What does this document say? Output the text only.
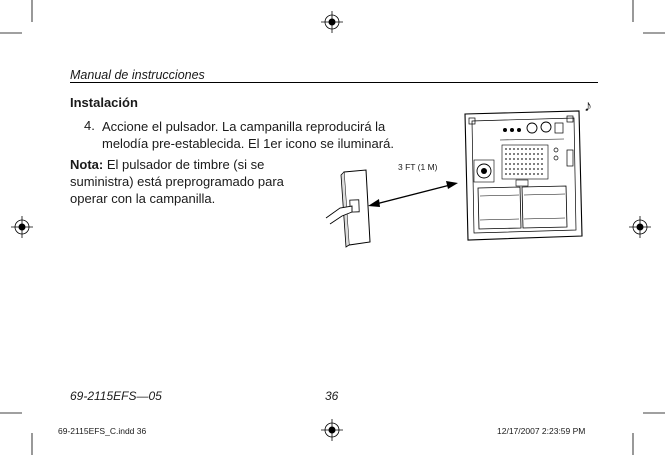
Manual de instrucciones
Instalación
4. Accione el pulsador. La campanilla reproducirá la melodía pre-establecida. El 1er icono se iluminará.
Nota: El pulsador de timbre (si se suministra) está preprogramado para operar con la campanilla.
3 FT (1 M)
♪
69-2115EFS—05	36
69-2115EFS_C.indd 36	12/17/2007 2:23:59 PM
